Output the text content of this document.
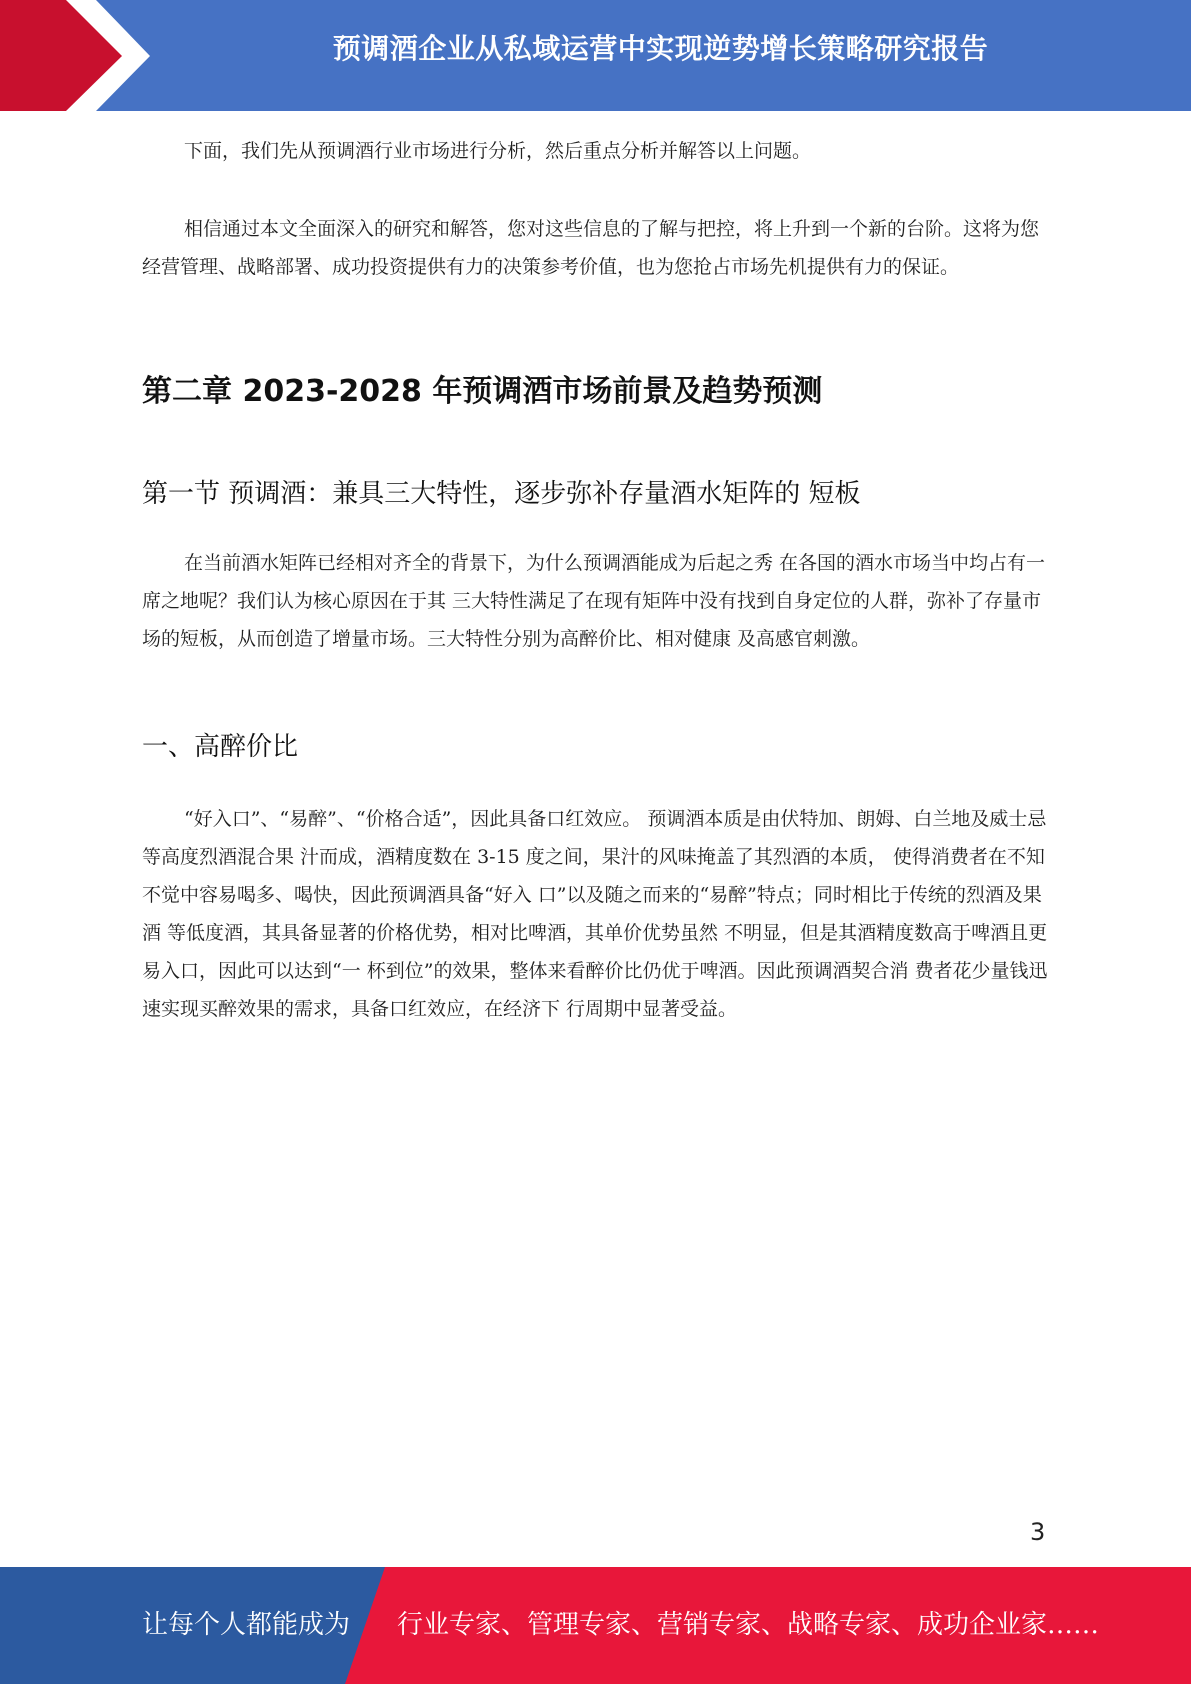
预调酒企业从私域运营中实现逆势增长策略研究报告

下面，我们先从预调酒行业市场进行分析，然后重点分析并解答以上问题。

相信通过本文全面深入的研究和解答，您对这些信息的了解与把控，将上升到一个新的台阶。这将为您经营管理、战略部署、成功投资提供有力的决策参考价值，也为您抢占市场先机提供有力的保证。

第二章 2023-2028 年预调酒市场前景及趋势预测
第一节 预调酒：兼具三大特性，逐步弥补存量酒水矩阵的 短板

在当前酒水矩阵已经相对齐全的背景下，为什么预调酒能成为后起之秀 在各国的酒水市场当中均占有一席之地呢？我们认为核心原因在于其 三大特性满足了在现有矩阵中没有找到自身定位的人群，弥补了存量市 场的短板，从而创造了增量市场。三大特性分别为高醉价比、相对健康 及高感官刺激。

一、高醉价比

“好入口”、“易醉”、“价格合适”，因此具备口红效应。 预调酒本质是由伏特加、朗姆、白兰地及威士忌等高度烈酒混合果 汁而成，酒精度数在 3-15 度之间，果汁的风味掩盖了其烈酒的本质， 使得消费者在不知不觉中容易喝多、喝快，因此预调酒具备“好入 口”以及随之而来的“易醉”特点；同时相比于传统的烈酒及果酒 等低度酒，其具备显著的价格优势，相对比啤酒，其单价优势虽然 不明显，但是其酒精度数高于啤酒且更易入口，因此可以达到“一 杯到位”的效果，整体来看醉价比仍优于啤酒。因此预调酒契合消 费者花少量钱迅速实现买醉效果的需求，具备口红效应，在经济下 行周期中显著受益。

3
让每个人都能成为 行业专家、管理专家、营销专家、战略专家、成功企业家……
